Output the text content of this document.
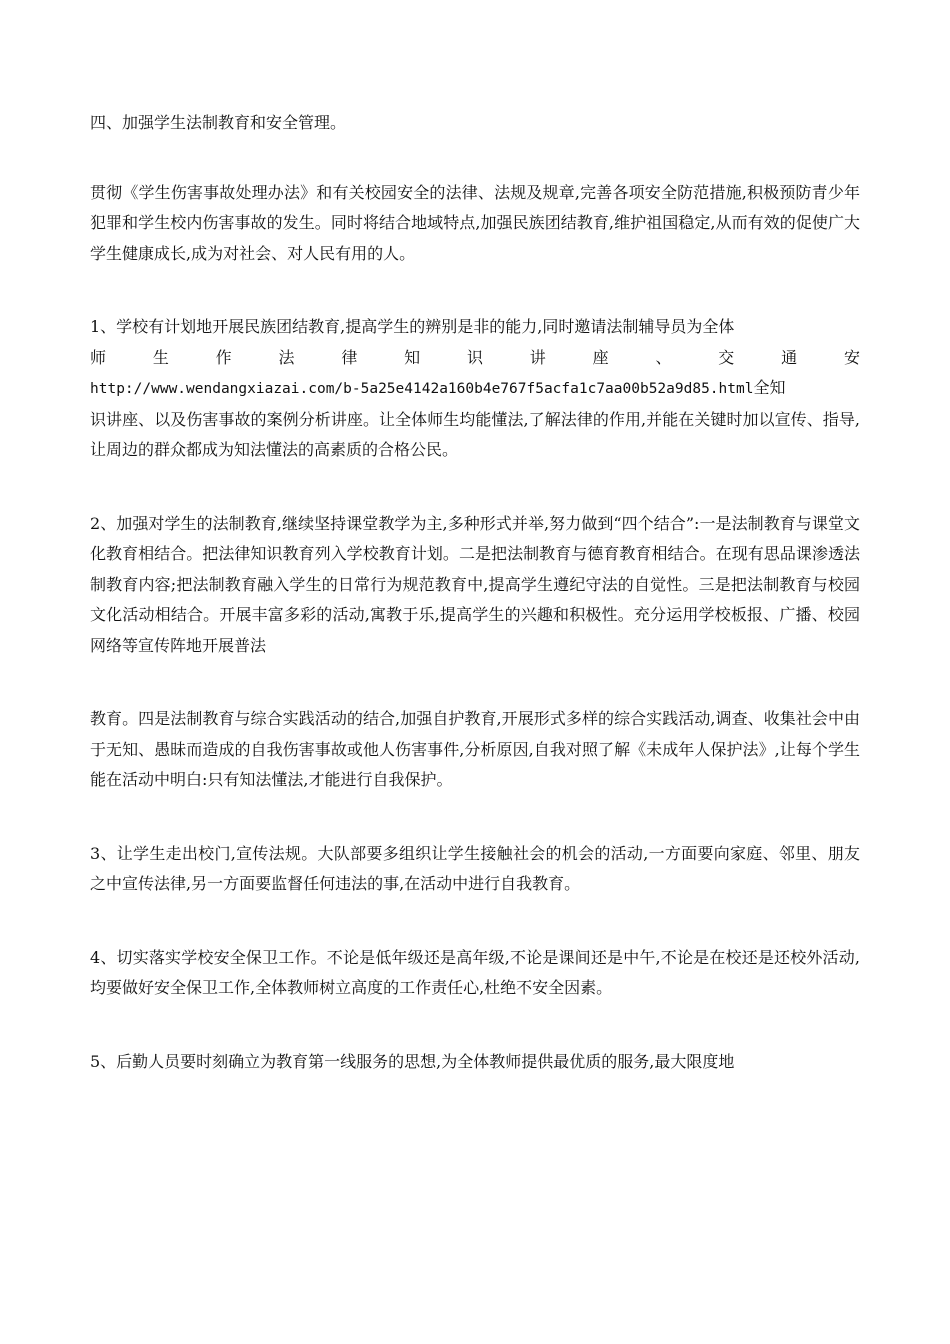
四、加强学生法制教育和安全管理。

贯彻《学生伤害事故处理办法》和有关校园安全的法律、法规及规章,完善各项安全防范措施,积极预防青少年犯罪和学生校内伤害事故的发生。同时将结合地域特点,加强民族团结教育,维护祖国稳定,从而有效的促使广大学生健康成长,成为对社会、对人民有用的人。

1、学校有计划地开展民族团结教育,提高学生的辨别是非的能力,同时邀请法制辅导员为全体

师	生	作	法	律	知	识	讲	座	、	交	通	安

http://www.wendangxiazai.com/b-5a25e4142a160b4e767f5acfa1c7aa00b52a9d85.html全知

识讲座、以及伤害事故的案例分析讲座。让全体师生均能懂法,了解法律的作用,并能在关键时加以宣传、指导,让周边的群众都成为知法懂法的高素质的合格公民。

2、加强对学生的法制教育,继续坚持课堂教学为主,多种形式并举,努力做到“四个结合”:一是法制教育与课堂文化教育相结合。把法律知识教育列入学校教育计划。二是把法制教育与德育教育相结合。在现有思品课渗透法制教育内容;把法制教育融入学生的日常行为规范教育中,提高学生遵纪守法的自觉性。三是把法制教育与校园文化活动相结合。开展丰富多彩的活动,寓教于乐,提高学生的兴趣和积极性。充分运用学校板报、广播、校园网络等宣传阵地开展普法

教育。四是法制教育与综合实践活动的结合,加强自护教育,开展形式多样的综合实践活动,调查、收集社会中由于无知、愚昧而造成的自我伤害事故或他人伤害事件,分析原因,自我对照了解《未成年人保护法》,让每个学生能在活动中明白:只有知法懂法,才能进行自我保护。

3、让学生走出校门,宣传法规。大队部要多组织让学生接触社会的机会的活动,一方面要向家庭、邻里、朋友之中宣传法律,另一方面要监督任何违法的事,在活动中进行自我教育。

4、切实落实学校安全保卫工作。不论是低年级还是高年级,不论是课间还是中午,不论是在校还是还校外活动,均要做好安全保卫工作,全体教师树立高度的工作责任心,杜绝不安全因素。

5、后勤人员要时刻确立为教育第一线服务的思想,为全体教师提供最优质的服务,最大限度地
